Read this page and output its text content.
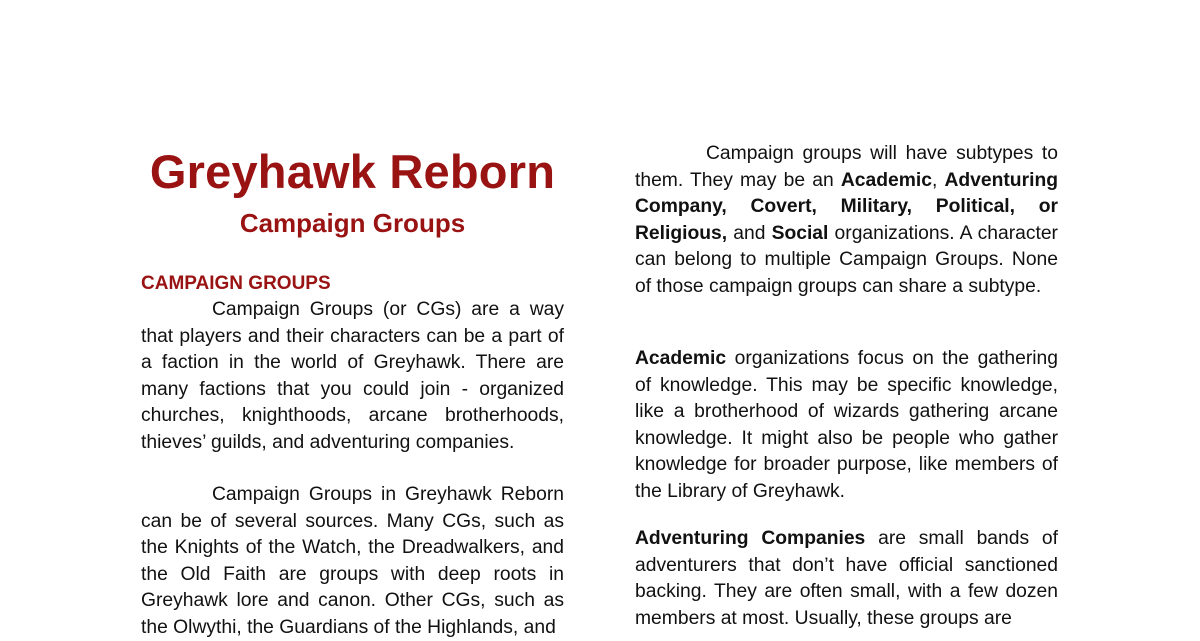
Greyhawk Reborn
Campaign Groups
CAMPAIGN GROUPS

Campaign Groups (or CGs) are a way that players and their characters can be a part of a faction in the world of Greyhawk. There are many factions that you could join - organized churches, knighthoods, arcane brotherhoods, thieves’ guilds, and adventuring companies.

Campaign Groups in Greyhawk Reborn can be of several sources. Many CGs, such as the Knights of the Watch, the Dreadwalkers, and the Old Faith are groups with deep roots in Greyhawk lore and canon. Other CGs, such as the Olwythi, the Guardians of the Highlands, and

Campaign groups will have subtypes to them. They may be an Academic, Adventuring Company, Covert, Military, Political, or Religious, and Social organizations. A character can belong to multiple Campaign Groups. None of those campaign groups can share a subtype.

Academic organizations focus on the gathering of knowledge. This may be specific knowledge, like a brotherhood of wizards gathering arcane knowledge. It might also be people who gather knowledge for broader purpose, like members of the Library of Greyhawk.

Adventuring Companies are small bands of adventurers that don’t have official sanctioned backing. They are often small, with a few dozen members at most. Usually, these groups are
